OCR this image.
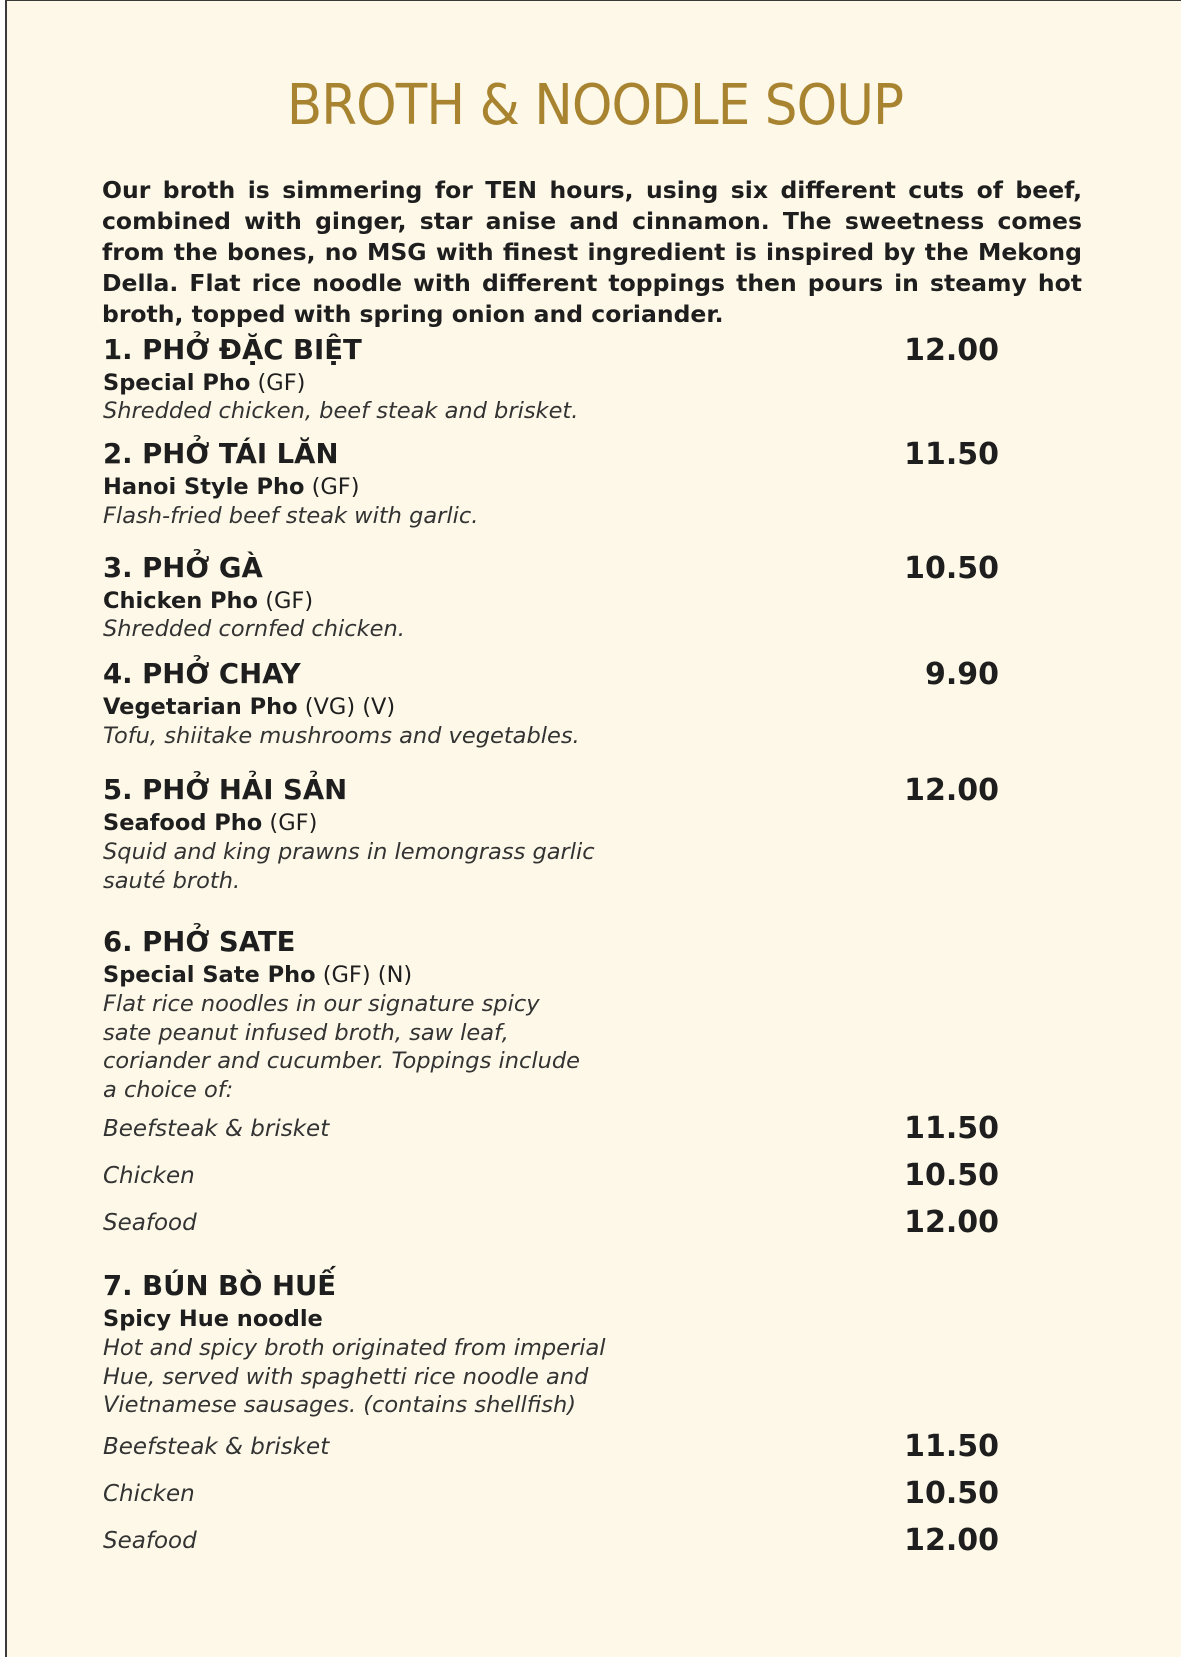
BROTH & NOODLE SOUP
Our broth is simmering for TEN hours, using six different cuts of beef, combined with ginger, star anise and cinnamon. The sweetness comes from the bones, no MSG with finest ingredient is inspired by the Mekong Della. Flat rice noodle with different toppings then pours in steamy hot broth, topped with spring onion and coriander.
1. PHỞ ĐẶC BIỆT	12.00
Special Pho (GF)
Shredded chicken, beef steak and brisket.
2. PHỞ TÁI LĂN	11.50
Hanoi Style Pho (GF)
Flash-fried beef steak with garlic.
3. PHỞ GÀ	10.50
Chicken Pho (GF)
Shredded cornfed chicken.
4. PHỞ CHAY	9.90
Vegetarian Pho (VG) (V)
Tofu, shiitake mushrooms and vegetables.
5. PHỞ HẢI SẢN	12.00
Seafood Pho (GF)
Squid and king prawns in lemongrass garlic sauté broth.
6. PHỞ SATE
Special Sate Pho (GF) (N)
Flat rice noodles in our signature spicy sate peanut infused broth, saw leaf, coriander and cucumber. Toppings include a choice of:
Beefsteak & brisket	11.50
Chicken	10.50
Seafood	12.00
7. BÚN BÒ HUẾ
Spicy Hue noodle
Hot and spicy broth originated from imperial Hue, served with spaghetti rice noodle and Vietnamese sausages. (contains shellfish)
Beefsteak & brisket	11.50
Chicken	10.50
Seafood	12.00
